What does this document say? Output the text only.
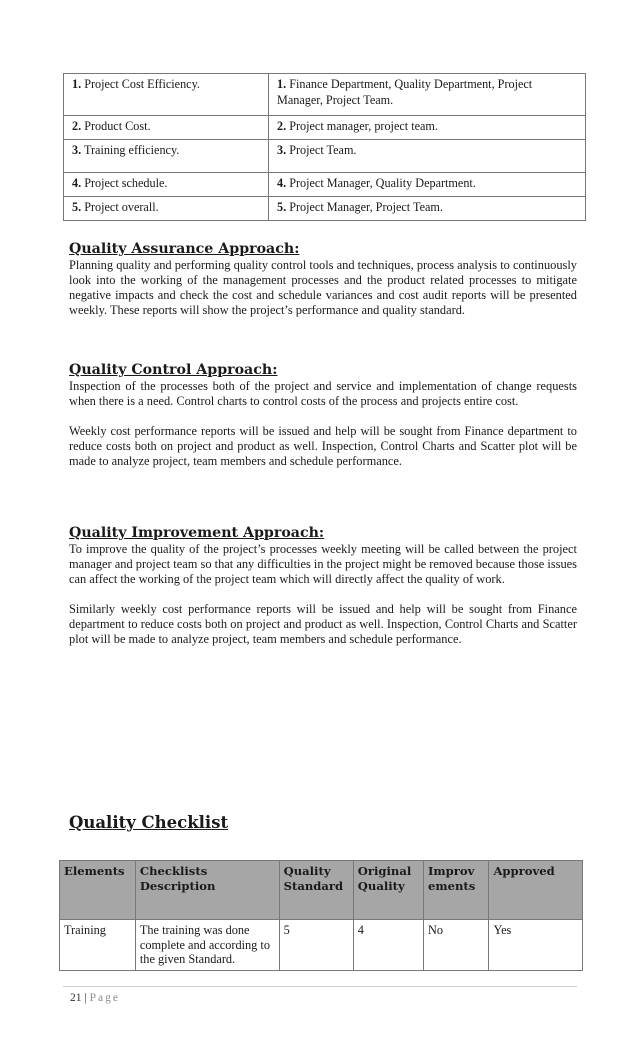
1. Project Cost Efficiency.	1. Finance Department, Quality Department, Project Manager, Project Team.
2. Product Cost.	2. Project manager, project team.
3. Training efficiency.	3. Project Team.
4. Project schedule.	4. Project Manager, Quality Department.
5. Project overall.	5. Project Manager, Project Team.

Quality Assurance Approach:

Planning quality and performing quality control tools and techniques, process analysis to continuously look into the working of the management processes and the product related processes to mitigate negative impacts and check the cost and schedule variances and cost audit reports will be presented weekly. These reports will show the project’s performance and quality standard.

Quality Control Approach:

Inspection of the processes both of the project and service and implementation of change requests when there is a need. Control charts to control costs of the process and projects entire cost.

Weekly cost performance reports will be issued and help will be sought from Finance department to reduce costs both on project and product as well. Inspection, Control Charts and Scatter plot will be made to analyze project, team members and schedule performance.

Quality Improvement Approach:

To improve the quality of the project’s processes weekly meeting will be called between the project manager and project team so that any difficulties in the project might be removed because those issues can affect the working of the project team which will directly affect the quality of work.

Similarly weekly cost performance reports will be issued and help will be sought from Finance department to reduce costs both on project and product as well. Inspection, Control Charts and Scatter plot will be made to analyze project, team members and schedule performance.

Quality Checklist

Elements	Checklists Description	Quality Standard	Original Quality	Improv ements	Approved
Training	The training was done complete and according to the given Standard.	5	4	No	Yes
21 | Page
